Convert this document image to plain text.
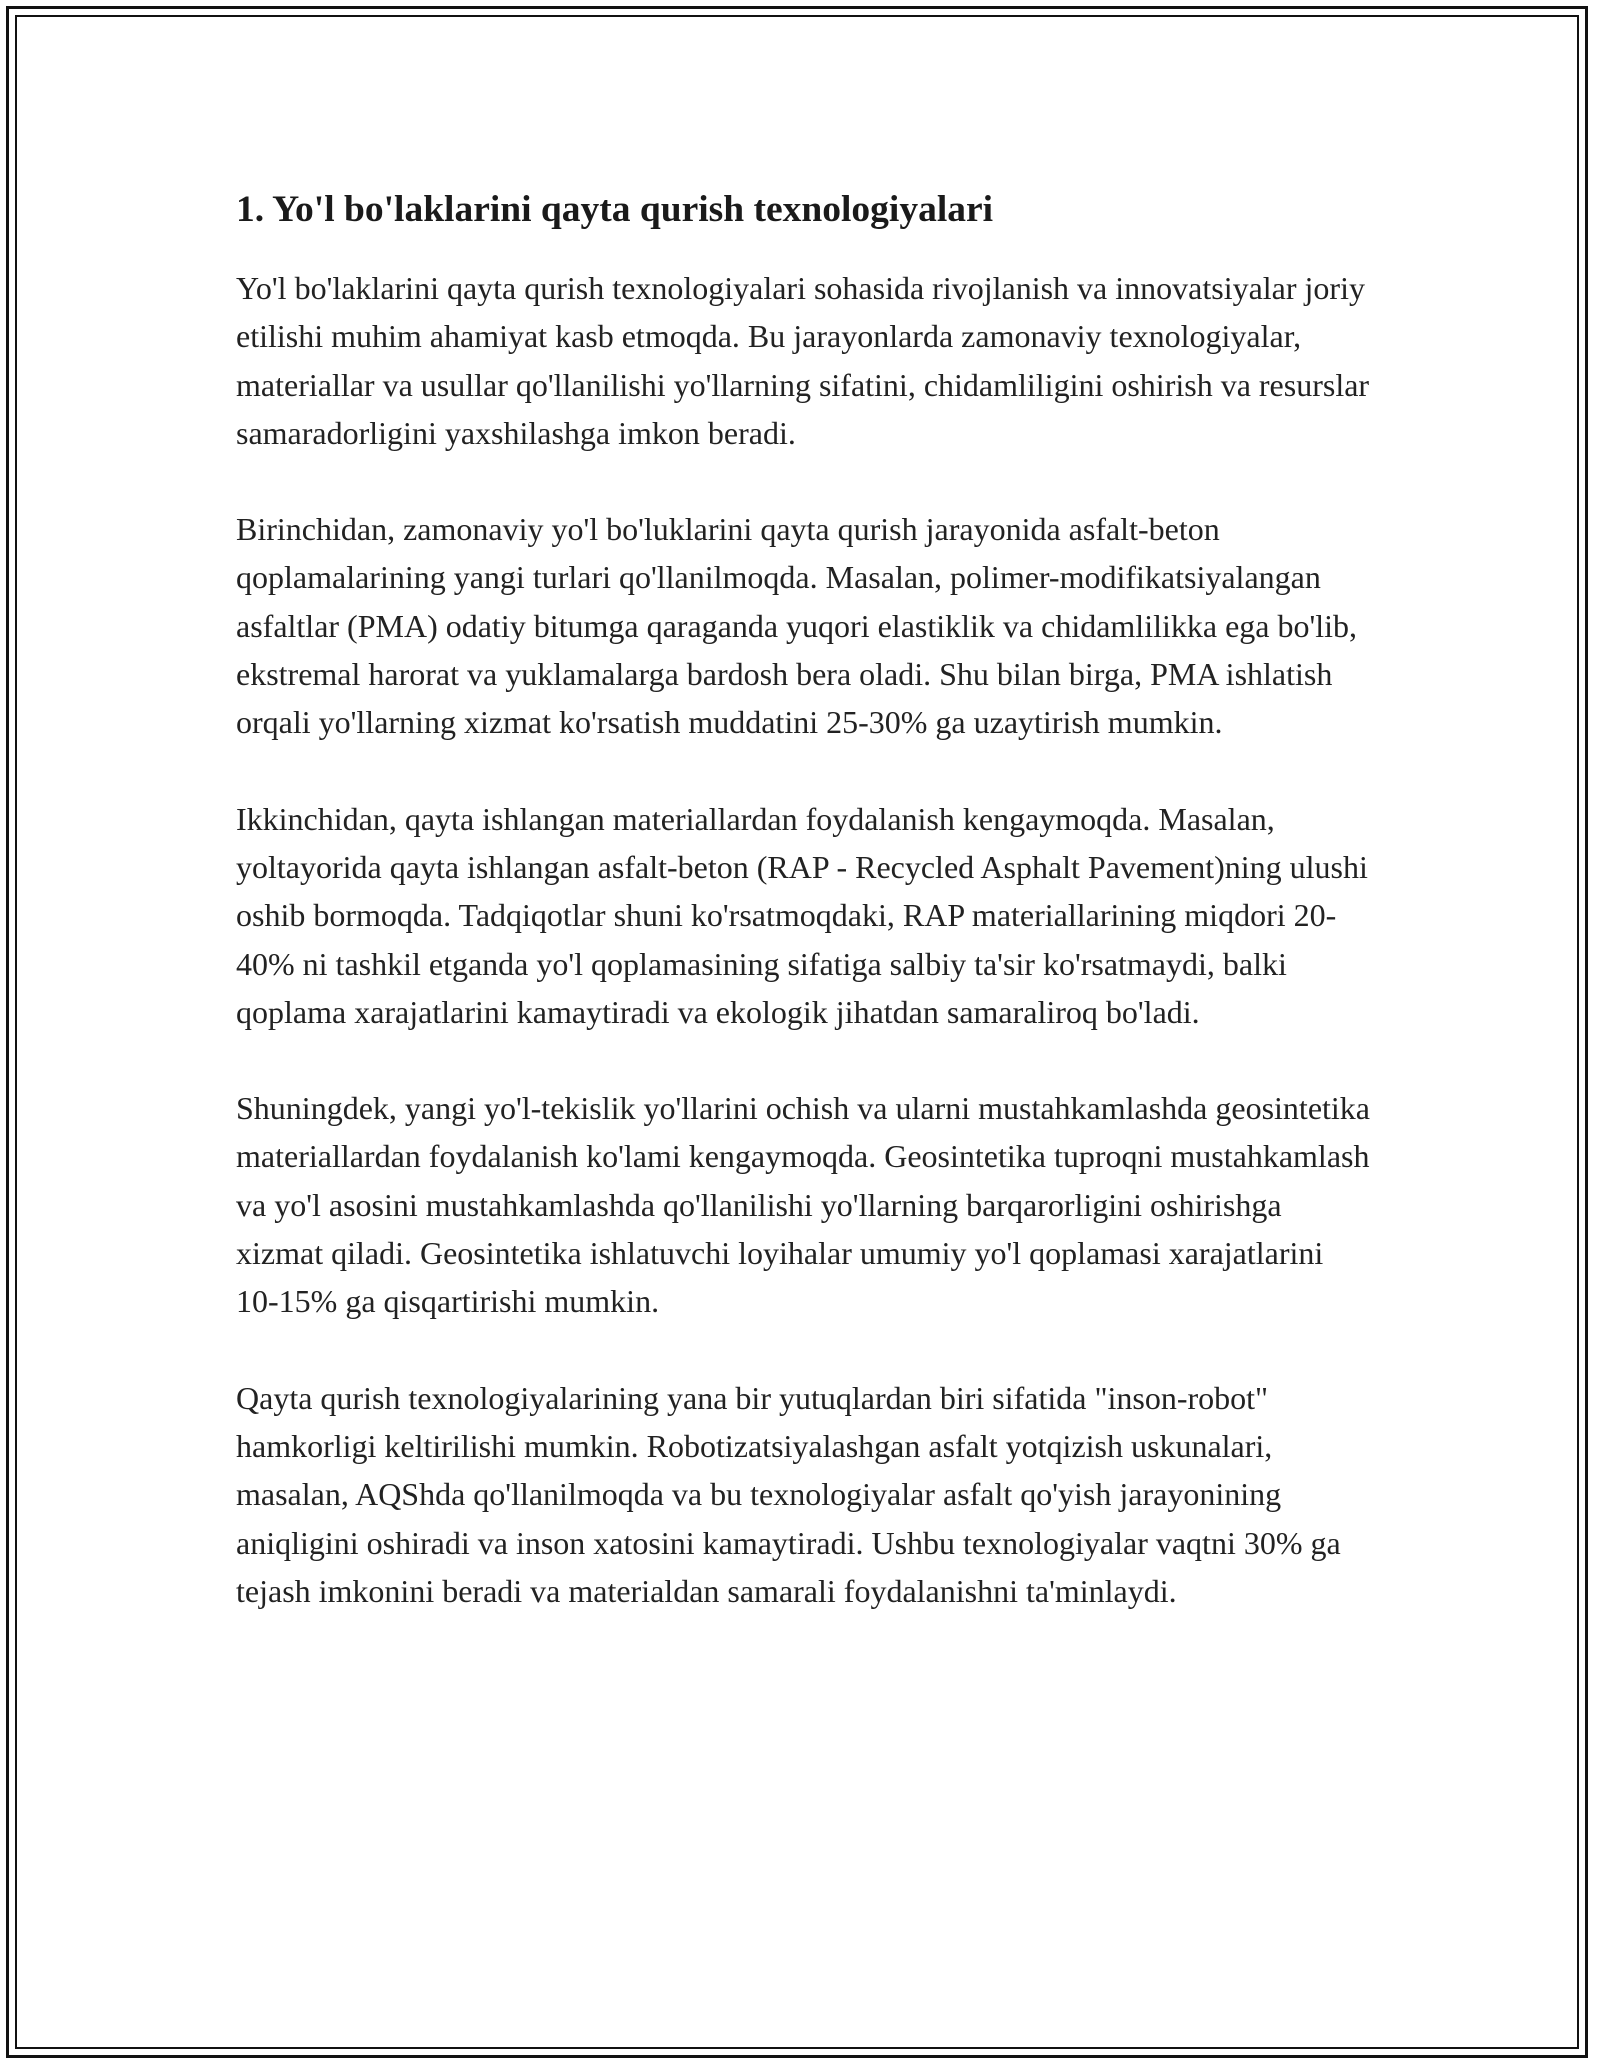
1. Yo'l bo'laklarini qayta qurish texnologiyalari

Yo'l bo'laklarini qayta qurish texnologiyalari sohasida rivojlanish va innovatsiyalar joriy etilishi muhim ahamiyat kasb etmoqda. Bu jarayonlarda zamonaviy texnologiyalar, materiallar va usullar qo'llanilishi yo'llarning sifatini, chidamliligini oshirish va resurslar samaradorligini yaxshilashga imkon beradi.

Birinchidan, zamonaviy yo'l bo'luklarini qayta qurish jarayonida asfalt-beton qoplamalarining yangi turlari qo'llanilmoqda. Masalan, polimer-modifikatsiyalangan asfaltlar (PMA) odatiy bitumga qaraganda yuqori elastiklik va chidamlilikka ega bo'lib, ekstremal harorat va yuklamalarga bardosh bera oladi. Shu bilan birga, PMA ishlatish orqali yo'llarning xizmat ko'rsatish muddatini 25-30% ga uzaytirish mumkin.

Ikkinchidan, qayta ishlangan materiallardan foydalanish kengaymoqda. Masalan, yoltayorida qayta ishlangan asfalt-beton (RAP - Recycled Asphalt Pavement)ning ulushi oshib bormoqda. Tadqiqotlar shuni ko'rsatmoqdaki, RAP materiallarining miqdori 20-40% ni tashkil etganda yo'l qoplamasining sifatiga salbiy ta'sir ko'rsatmaydi, balki qoplama xarajatlarini kamaytiradi va ekologik jihatdan samaraliroq bo'ladi.

Shuningdek, yangi yo'l-tekislik yo'llarini ochish va ularni mustahkamlashda geosintetika materiallardan foydalanish ko'lami kengaymoqda. Geosintetika tuproqni mustahkamlash va yo'l asosini mustahkamlashda qo'llanilishi yo'llarning barqarorligini oshirishga xizmat qiladi. Geosintetika ishlatuvchi loyihalar umumiy yo'l qoplamasi xarajatlarini 10-15% ga qisqartirishi mumkin.

Qayta qurish texnologiyalarining yana bir yutuqlardan biri sifatida "inson-robot" hamkorligi keltirilishi mumkin. Robotizatsiyalashgan asfalt yotqizish uskunalari, masalan, AQShda qo'llanilmoqda va bu texnologiyalar asfalt qo'yish jarayonining aniqligini oshiradi va inson xatosini kamaytiradi. Ushbu texnologiyalar vaqtni 30% ga tejash imkonini beradi va materialdan samarali foydalanishni ta'minlaydi.
